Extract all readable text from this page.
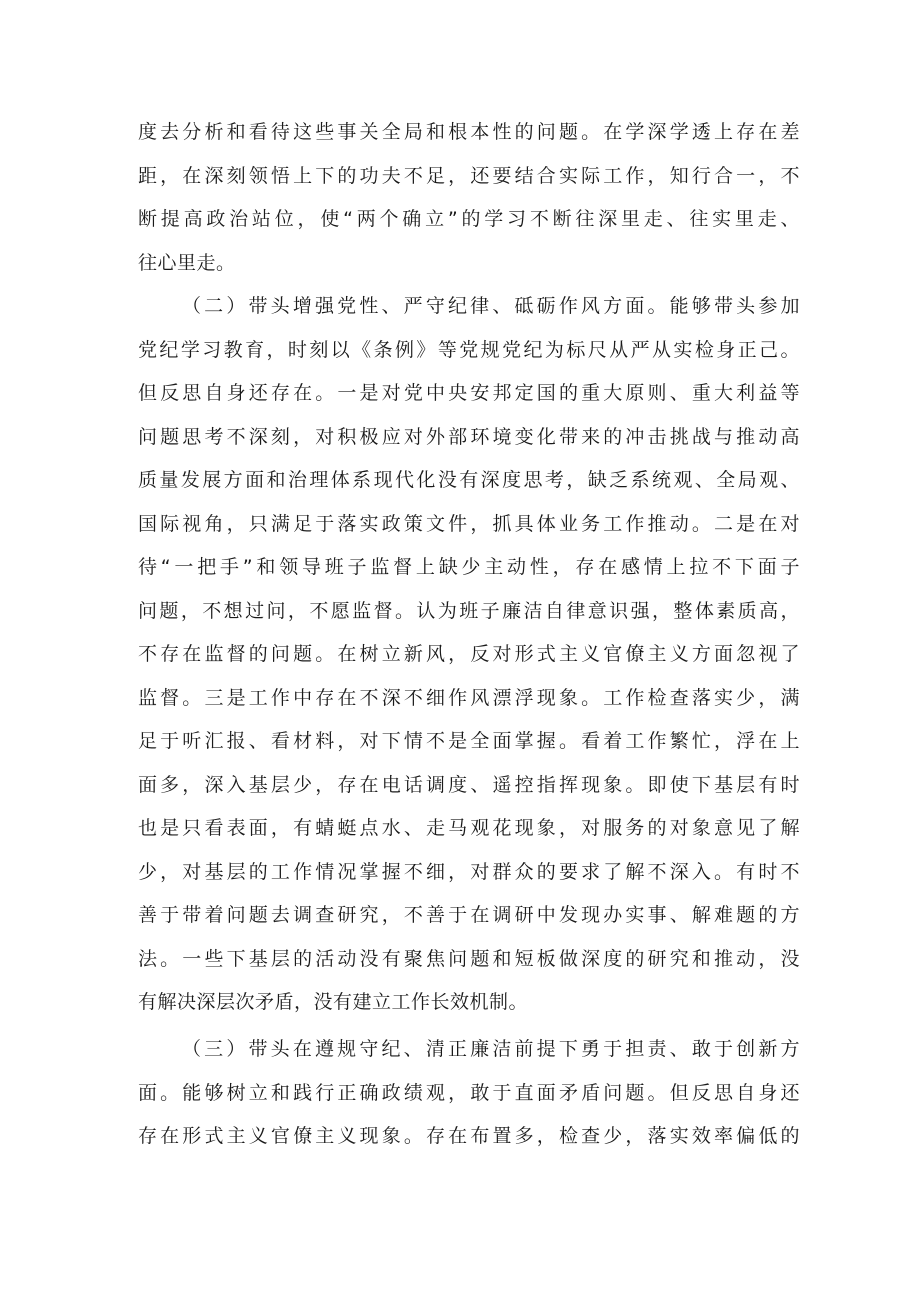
度去分析和看待这些事关全局和根本性的问题。在学深学透上存在差
距，在深刻领悟上下的功夫不足，还要结合实际工作，知行合一，不
断提高政治站位，使“两个确立”的学习不断往深里走、往实里走、
往心里走。
（二）带头增强党性、严守纪律、砥砺作风方面。能够带头参加
党纪学习教育，时刻以《条例》等党规党纪为标尺从严从实检身正己。
但反思自身还存在。一是对党中央安邦定国的重大原则、重大利益等
问题思考不深刻，对积极应对外部环境变化带来的冲击挑战与推动高
质量发展方面和治理体系现代化没有深度思考，缺乏系统观、全局观、
国际视角，只满足于落实政策文件，抓具体业务工作推动。二是在对
待“一把手”和领导班子监督上缺少主动性，存在感情上拉不下面子
问题，不想过问，不愿监督。认为班子廉洁自律意识强，整体素质高，
不存在监督的问题。在树立新风，反对形式主义官僚主义方面忽视了
监督。三是工作中存在不深不细作风漂浮现象。工作检查落实少，满
足于听汇报、看材料，对下情不是全面掌握。看着工作繁忙，浮在上
面多，深入基层少，存在电话调度、遥控指挥现象。即使下基层有时
也是只看表面，有蜻蜓点水、走马观花现象，对服务的对象意见了解
少，对基层的工作情况掌握不细，对群众的要求了解不深入。有时不
善于带着问题去调查研究，不善于在调研中发现办实事、解难题的方
法。一些下基层的活动没有聚焦问题和短板做深度的研究和推动，没
有解决深层次矛盾，没有建立工作长效机制。
（三）带头在遵规守纪、清正廉洁前提下勇于担责、敢于创新方
面。能够树立和践行正确政绩观，敢于直面矛盾问题。但反思自身还
存在形式主义官僚主义现象。存在布置多，检查少，落实效率偏低的
